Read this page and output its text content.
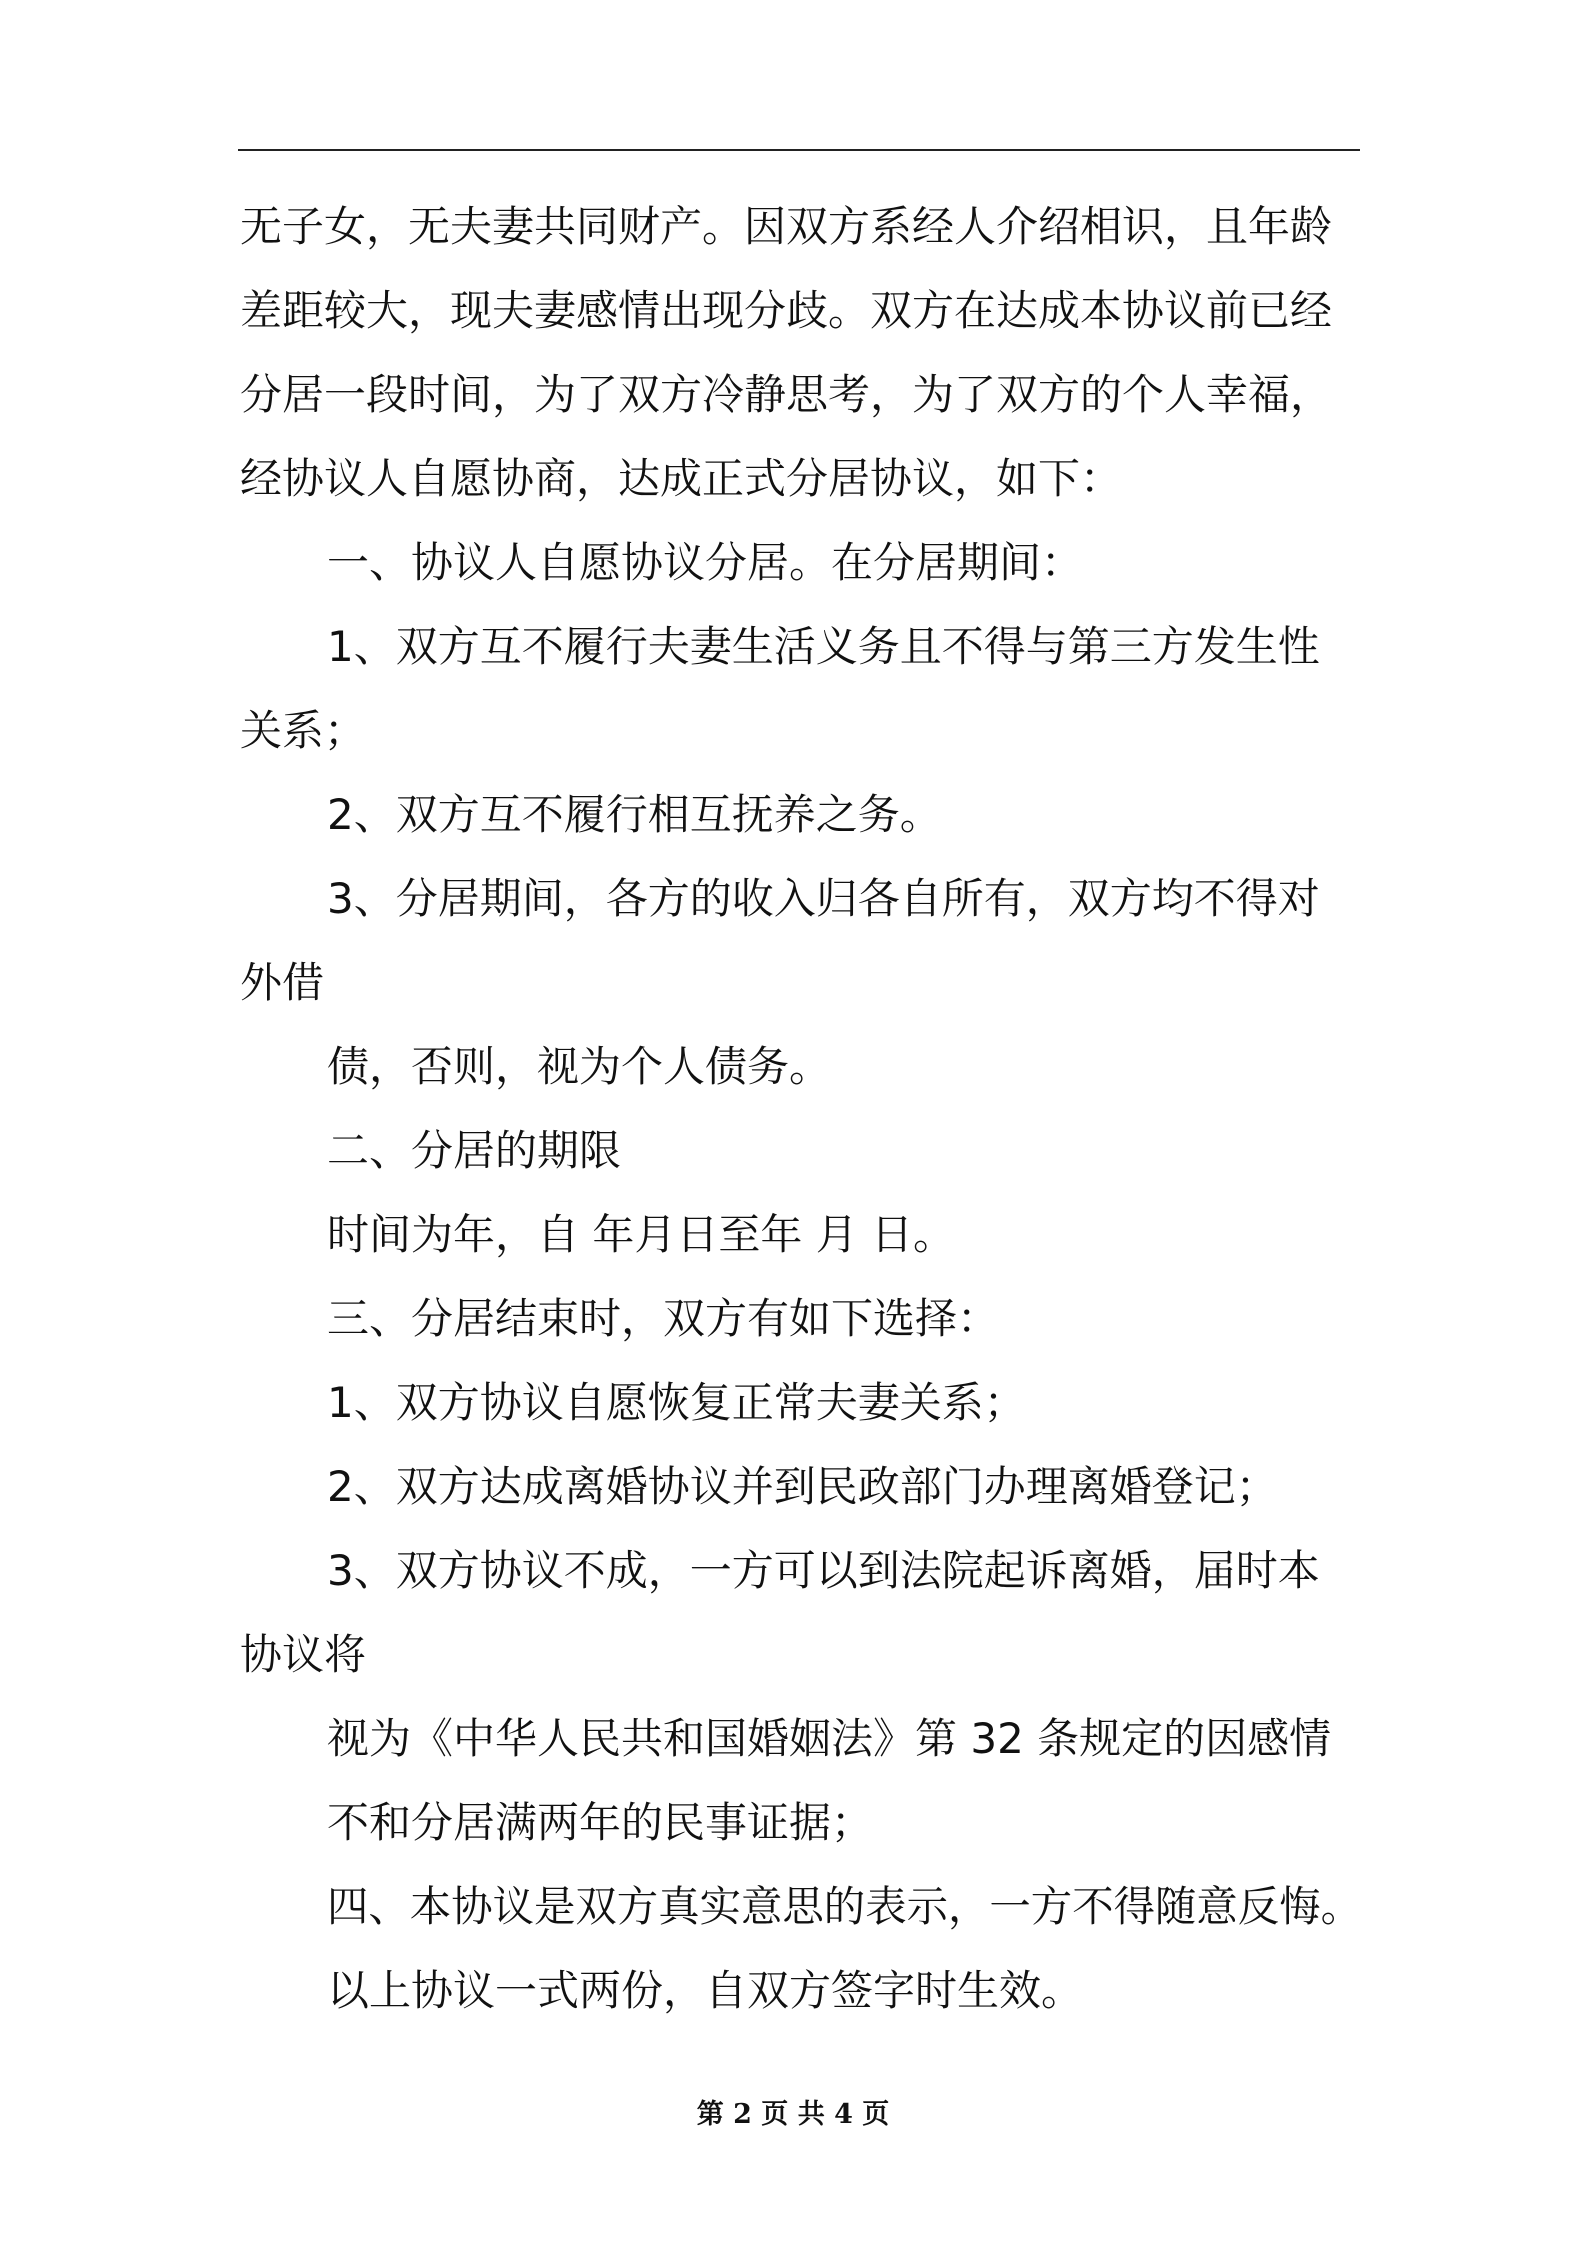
无子女，无夫妻共同财产。因双方系经人介绍相识，且年龄
差距较大，现夫妻感情出现分歧。双方在达成本协议前已经
分居一段时间，为了双方冷静思考，为了双方的个人幸福，
经协议人自愿协商，达成正式分居协议，如下：
一、协议人自愿协议分居。在分居期间：
1、双方互不履行夫妻生活义务且不得与第三方发生性
关系；
2、双方互不履行相互抚养之务。
3、分居期间，各方的收入归各自所有，双方均不得对
外借
债，否则，视为个人债务。
二、分居的期限
时间为年，自 年月日至年 月 日。
三、分居结束时，双方有如下选择：
1、双方协议自愿恢复正常夫妻关系；
2、双方达成离婚协议并到民政部门办理离婚登记；
3、双方协议不成，一方可以到法院起诉离婚，届时本
协议将
视为《中华人民共和国婚姻法》第 32 条规定的因感情
不和分居满两年的民事证据；
四、本协议是双方真实意思的表示，一方不得随意反悔。
以上协议一式两份，自双方签字时生效。
第 2 页 共 4 页
